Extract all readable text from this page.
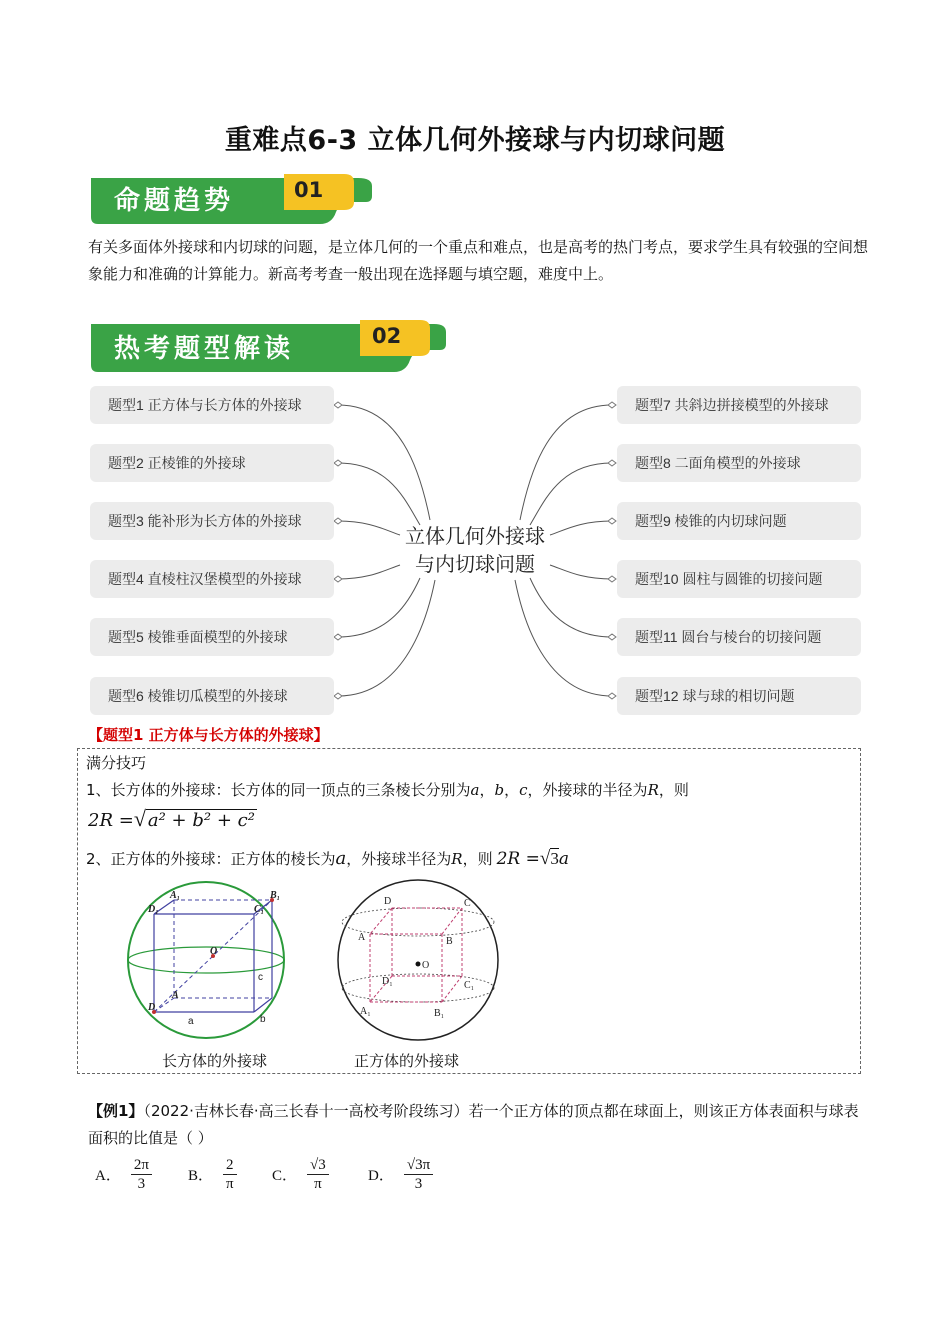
重难点6-3 立体几何外接球与内切球问题
命题趋势	01
有关多面体外接球和内切球的问题，是立体几何的一个重点和难点，也是高考的热门考点，要求学生具有较强的空间想象能力和准确的计算能力。新高考考查一般出现在选择题与填空题，难度中上。
热考题型解读	02
题型1 正方体与长方体的外接球
题型2 正棱锥的外接球
题型3 能补形为长方体的外接球
题型4 直棱柱汉堡模型的外接球
题型5 棱锥垂面模型的外接球
题型6 棱锥切瓜模型的外接球
题型7 共斜边拼接模型的外接球
题型8 二面角模型的外接球
题型9 棱锥的内切球问题
题型10 圆柱与圆锥的切接问题
题型11 圆台与棱台的切接问题
题型12 球与球的相切问题
立体几何外接球
与内切球问题
【题型1 正方体与长方体的外接球】
满分技巧
1、长方体的外接球：长方体的同一顶点的三条棱长分别为a，b，c，外接球的半径为R，则
2R =√ a² + b² + c²
2、正方体的外接球：正方体的棱长为a，外接球半径为R，则 2R =√3a
A₁	B₁
D₁	C₁
O
D
A
a	b
c
长方体的外接球
D	C
A	B
O
D₁	C₁
A₁	B₁
正方体的外接球
【例1】（2022·吉林长春·高三长春十一高校考阶段练习）若一个正方体的顶点都在球面上，则该正方体表面积与球表面积的比值是（ ）
A． $\frac{2\pi}{3}$ B． $\frac{2}{\pi}$ C． $\frac{√3}{\pi}$	D． $\frac{√3\pi}{3}$
